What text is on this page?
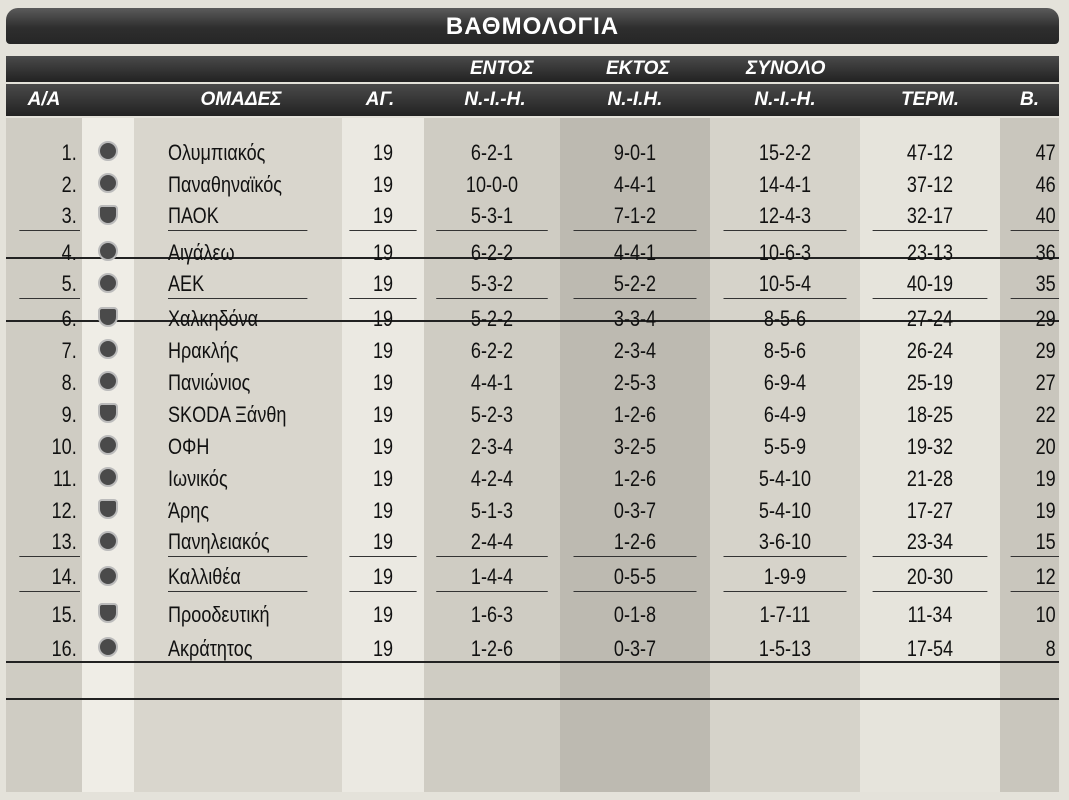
ΒΑΘΜΟΛΟΓΙΑ
ΕΝΤΟΣ	ΕΚΤΟΣ	ΣΥΝΟΛΟ
Α/Α	ΟΜΑΔΕΣ	ΑΓ.	Ν.-Ι.-Η.	Ν.-Ι.Η.	Ν.-Ι.-Η.	ΤΕΡΜ.	Β.
1.	Ολυμπιακός	19	6-2-1	9-0-1	15-2-2	47-12	47
2.	Παναθηναϊκός	19	10-0-0	4-4-1	14-4-1	37-12	46
3.	ΠΑΟΚ	19	5-3-1	7-1-2	12-4-3	32-17	40
4.	Αιγάλεω	19	6-2-2	4-4-1	10-6-3	23-13	36
5.	ΑΕΚ	19	5-3-2	5-2-2	10-5-4	40-19	35
6.	Χαλκηδόνα	19	5-2-2	3-3-4	8-5-6	27-24	29
7.	Ηρακλής	19	6-2-2	2-3-4	8-5-6	26-24	29
8.	Πανιώνιος	19	4-4-1	2-5-3	6-9-4	25-19	27
9.	SKODA Ξάνθη	19	5-2-3	1-2-6	6-4-9	18-25	22
10.	ΟΦΗ	19	2-3-4	3-2-5	5-5-9	19-32	20
11.	Ιωνικός	19	4-2-4	1-2-6	5-4-10	21-28	19
12.	Άρης	19	5-1-3	0-3-7	5-4-10	17-27	19
13.	Πανηλειακός	19	2-4-4	1-2-6	3-6-10	23-34	15
14.	Καλλιθέα	19	1-4-4	0-5-5	1-9-9	20-30	12
15.	Προοδευτική	19	1-6-3	0-1-8	1-7-11	11-34	10
16.	Ακράτητος	19	1-2-6	0-3-7	1-5-13	17-54	8
